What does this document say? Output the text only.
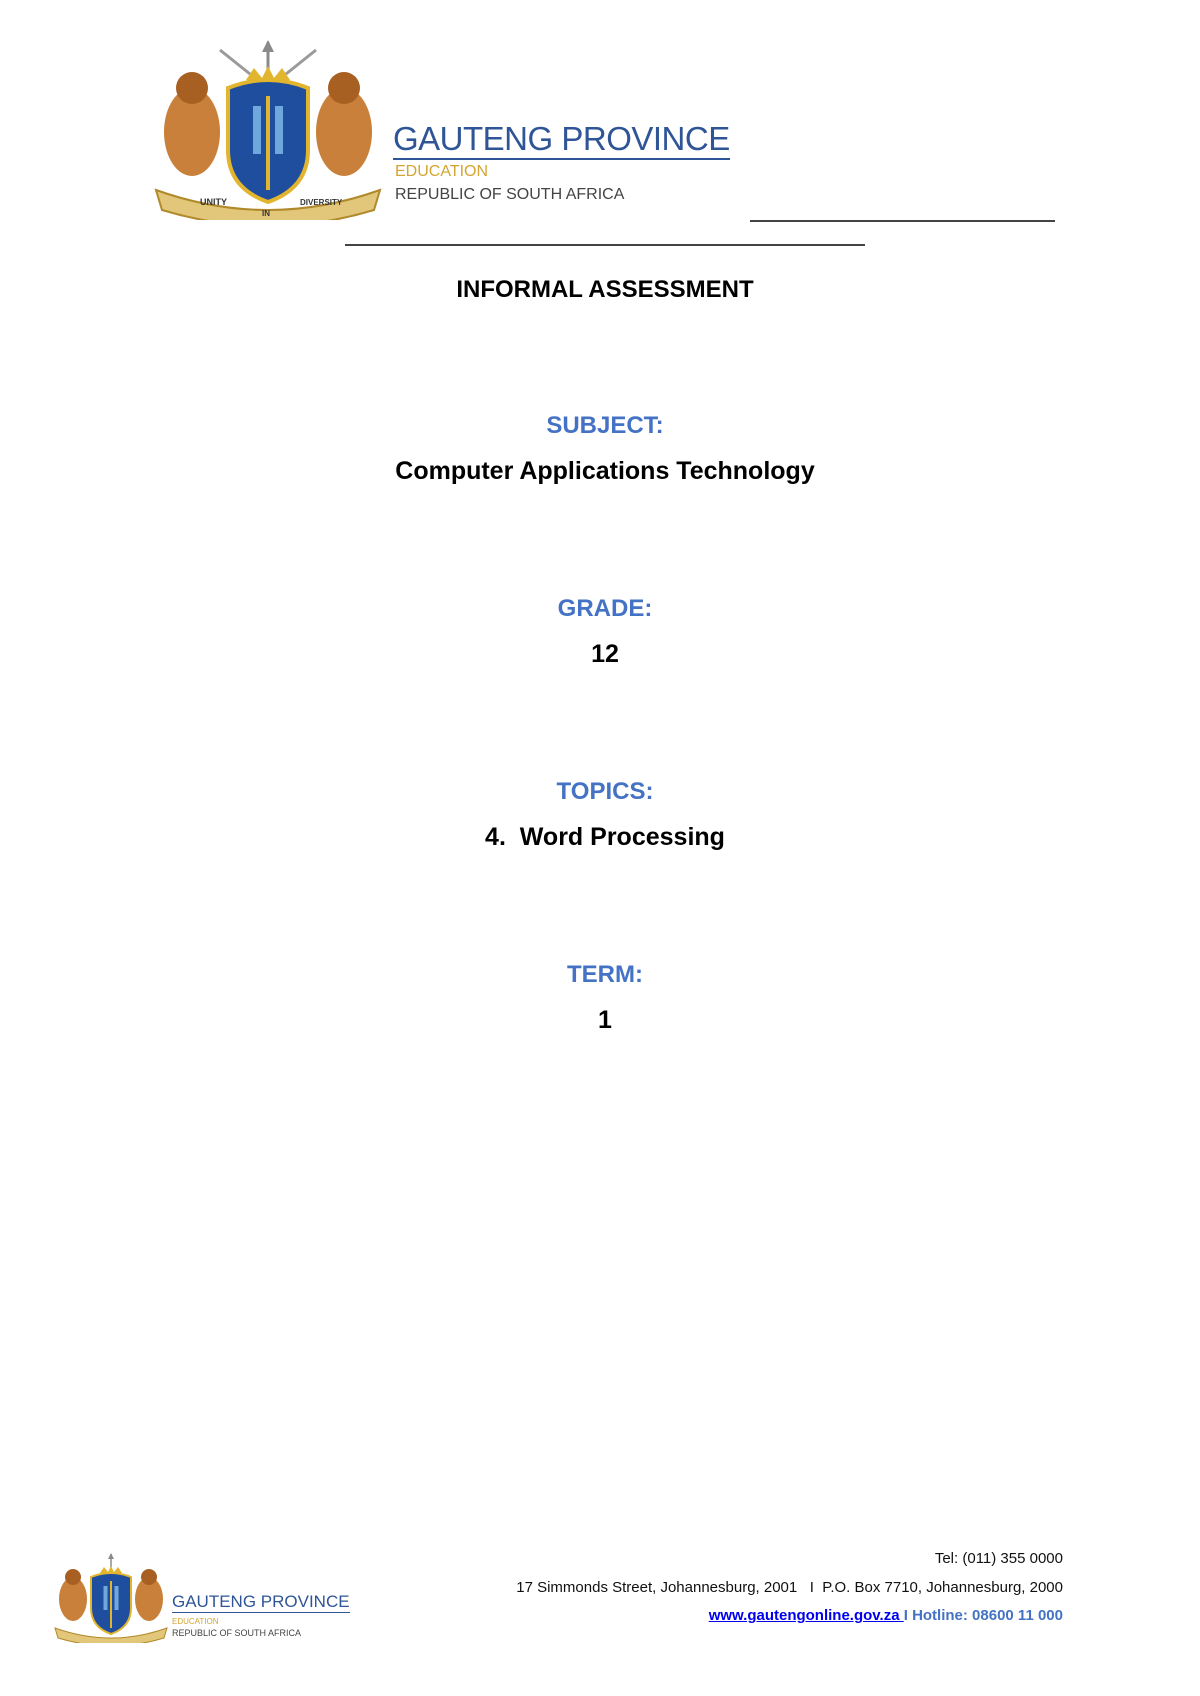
UNITY
IN
DIVERSITY
GAUTENG PROVINCE
EDUCATION
REPUBLIC OF SOUTH AFRICA
INFORMAL ASSESSMENT
SUBJECT:
Computer Applications Technology
GRADE:
12
TOPICS:
4.  Word Processing
TERM:
1
GAUTENG PROVINCE
EDUCATION
REPUBLIC OF SOUTH AFRICA
Tel: (011) 355 0000
17 Simmonds Street, Johannesburg, 2001   I  P.O. Box 7710, Johannesburg, 2000
www.gautengonline.gov.za I Hotline: 08600 11 000
